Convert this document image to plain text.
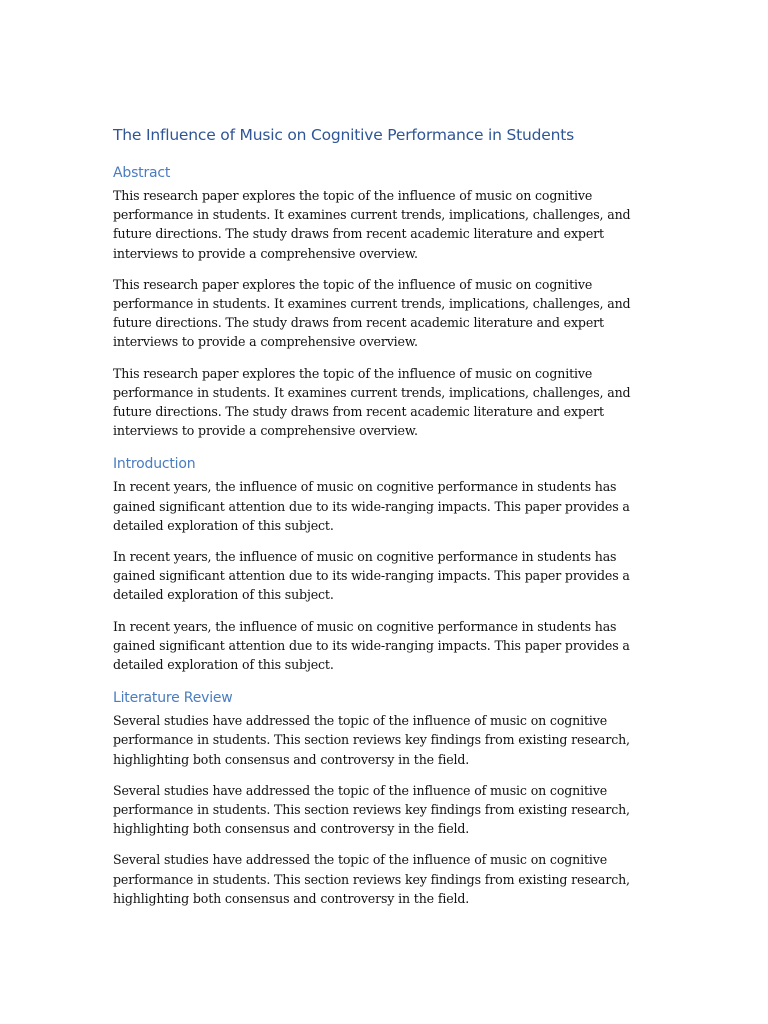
The Influence of Music on Cognitive Performance in Students
Abstract

This research paper explores the topic of the influence of music on cognitive performance in students. It examines current trends, implications, challenges, and future directions. The study draws from recent academic literature and expert interviews to provide a comprehensive overview.

This research paper explores the topic of the influence of music on cognitive performance in students. It examines current trends, implications, challenges, and future directions. The study draws from recent academic literature and expert interviews to provide a comprehensive overview.

This research paper explores the topic of the influence of music on cognitive performance in students. It examines current trends, implications, challenges, and future directions. The study draws from recent academic literature and expert interviews to provide a comprehensive overview.

Introduction

In recent years, the influence of music on cognitive performance in students has gained significant attention due to its wide-ranging impacts. This paper provides a detailed exploration of this subject.

In recent years, the influence of music on cognitive performance in students has gained significant attention due to its wide-ranging impacts. This paper provides a detailed exploration of this subject.

In recent years, the influence of music on cognitive performance in students has gained significant attention due to its wide-ranging impacts. This paper provides a detailed exploration of this subject.

Literature Review

Several studies have addressed the topic of the influence of music on cognitive performance in students. This section reviews key findings from existing research, highlighting both consensus and controversy in the field.

Several studies have addressed the topic of the influence of music on cognitive performance in students. This section reviews key findings from existing research, highlighting both consensus and controversy in the field.

Several studies have addressed the topic of the influence of music on cognitive performance in students. This section reviews key findings from existing research, highlighting both consensus and controversy in the field.
